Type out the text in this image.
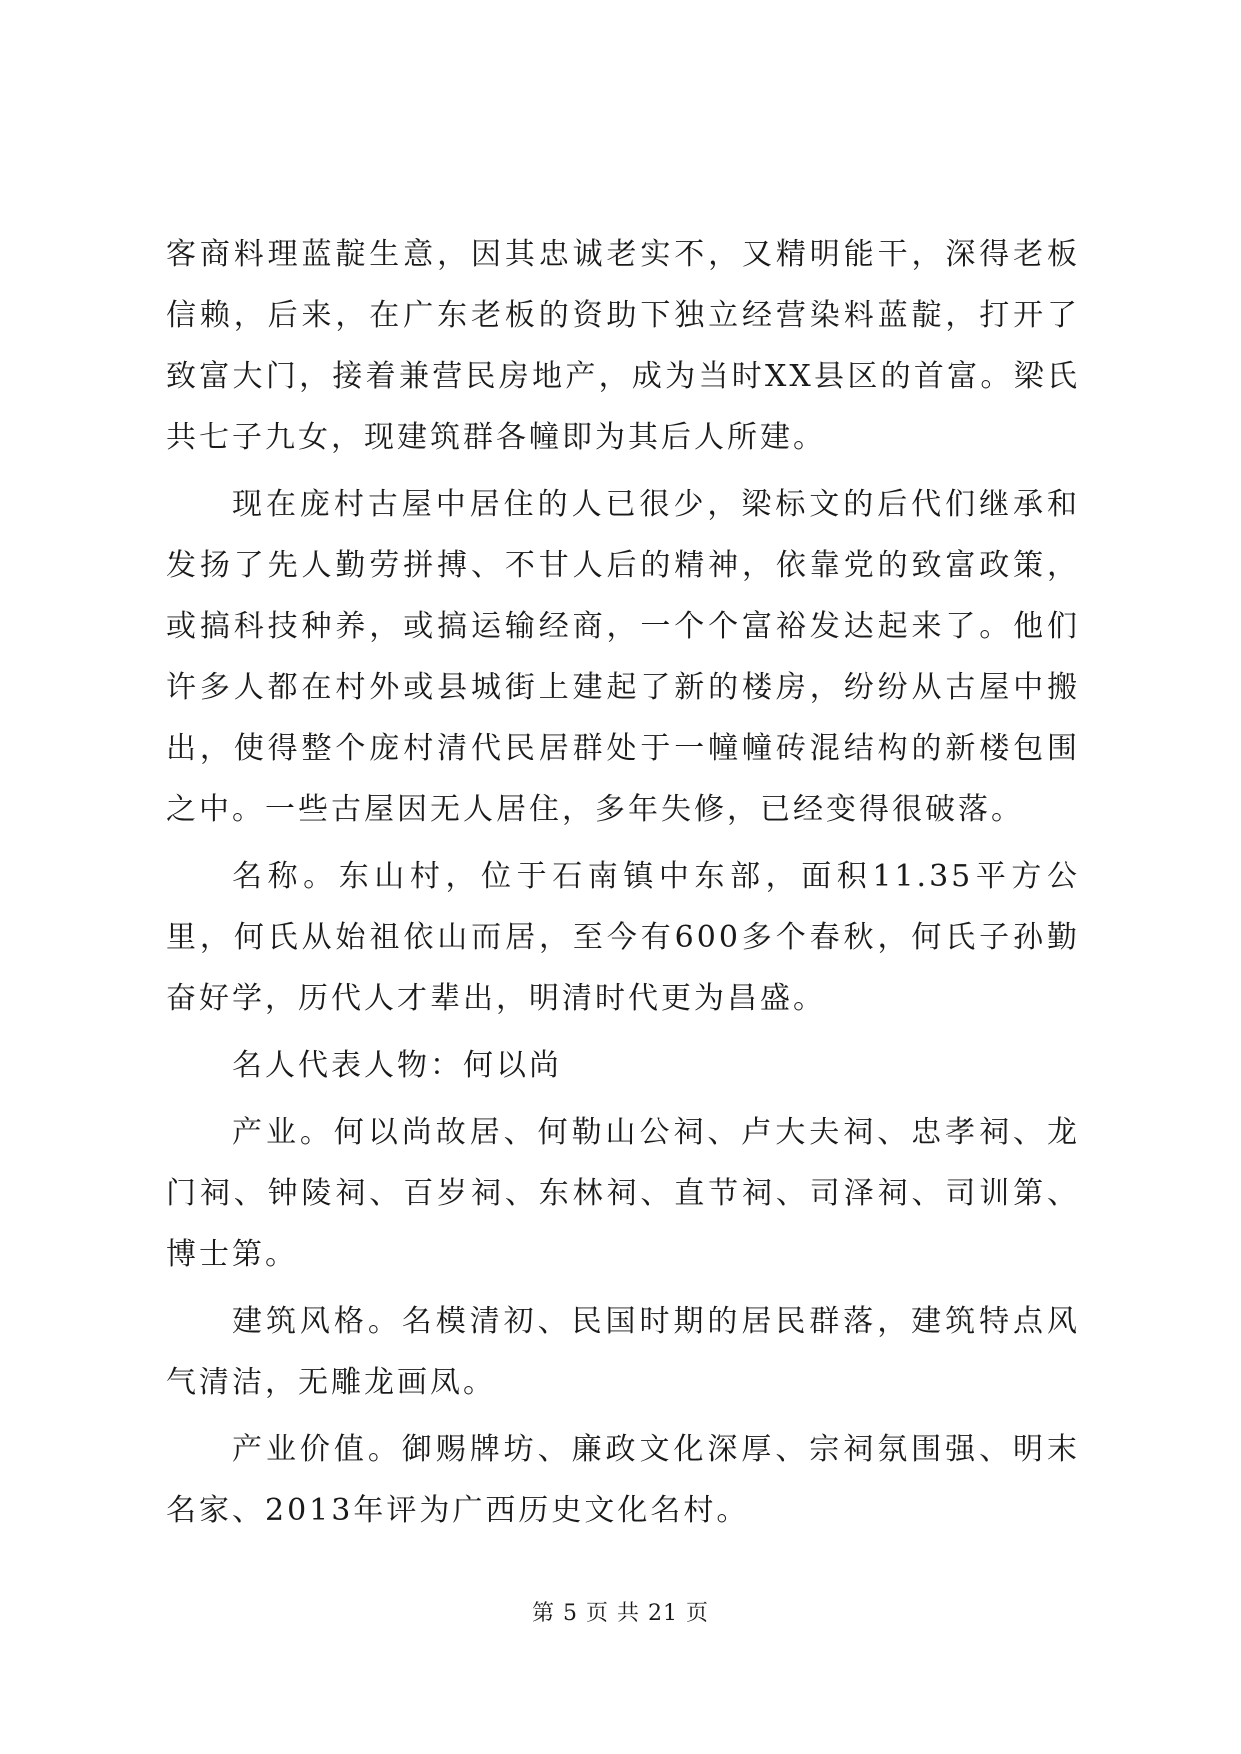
客商料理蓝靛生意，因其忠诚老实不，又精明能干，深得老板信赖，后来，在广东老板的资助下独立经营染料蓝靛，打开了致富大门，接着兼营民房地产，成为当时XX县区的首富。梁氏共七子九女，现建筑群各幢即为其后人所建。

现在庞村古屋中居住的人已很少，梁标文的后代们继承和发扬了先人勤劳拼搏、不甘人后的精神，依靠党的致富政策，或搞科技种养，或搞运输经商，一个个富裕发达起来了。他们许多人都在村外或县城街上建起了新的楼房，纷纷从古屋中搬出，使得整个庞村清代民居群处于一幢幢砖混结构的新楼包围之中。一些古屋因无人居住，多年失修，已经变得很破落。

名称。东山村，位于石南镇中东部，面积11.35平方公里，何氏从始祖依山而居，至今有600多个春秋，何氏子孙勤奋好学，历代人才辈出，明清时代更为昌盛。

名人代表人物：何以尚

产业。何以尚故居、何勒山公祠、卢大夫祠、忠孝祠、龙门祠、钟陵祠、百岁祠、东林祠、直节祠、司泽祠、司训第、博士第。

建筑风格。名模清初、民国时期的居民群落，建筑特点风气清洁，无雕龙画凤。

产业价值。御赐牌坊、廉政文化深厚、宗祠氛围强、明末名家、2013年评为广西历史文化名村。

第 5 页 共 21 页
